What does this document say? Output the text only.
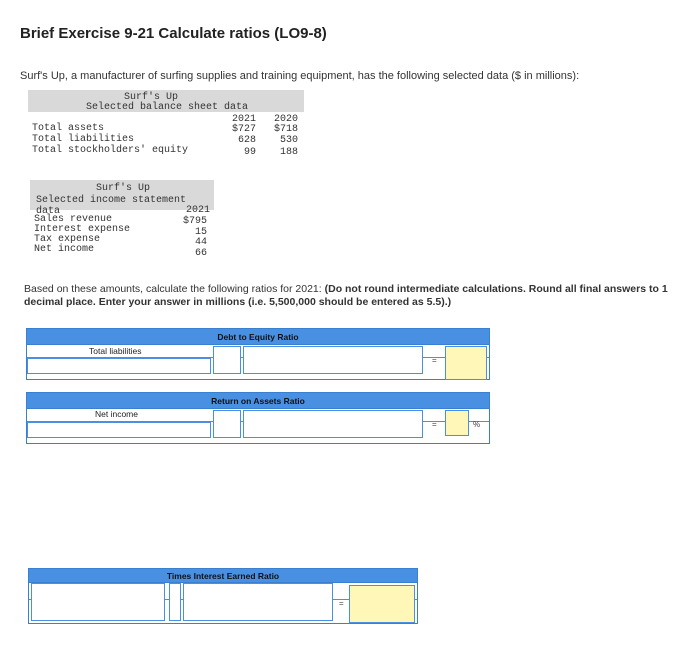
Brief Exercise 9-21 Calculate ratios (LO9-8)
Surf's Up, a manufacturer of surfing supplies and training equipment, has the following selected data ($ in millions):
Surf's Up
Selected balance sheet data
2021 2020
Total assets	$727 $718
Total liabilities	628 530
Total stockholders' equity	99 188
Surf's Up
Selected income statement data	2021
Sales revenue	$795
Interest expense	15
Tax expense	44
Net income	66
Based on these amounts, calculate the following ratios for 2021: (Do not round intermediate calculations. Round all final answers to 1 decimal place. Enter your answer in millions (i.e. 5,500,000 should be entered as 5.5).)
Debt to Equity Ratio
Total liabilities
=
Return on Assets Ratio
Net income
=	%
Times Interest Earned Ratio
=
